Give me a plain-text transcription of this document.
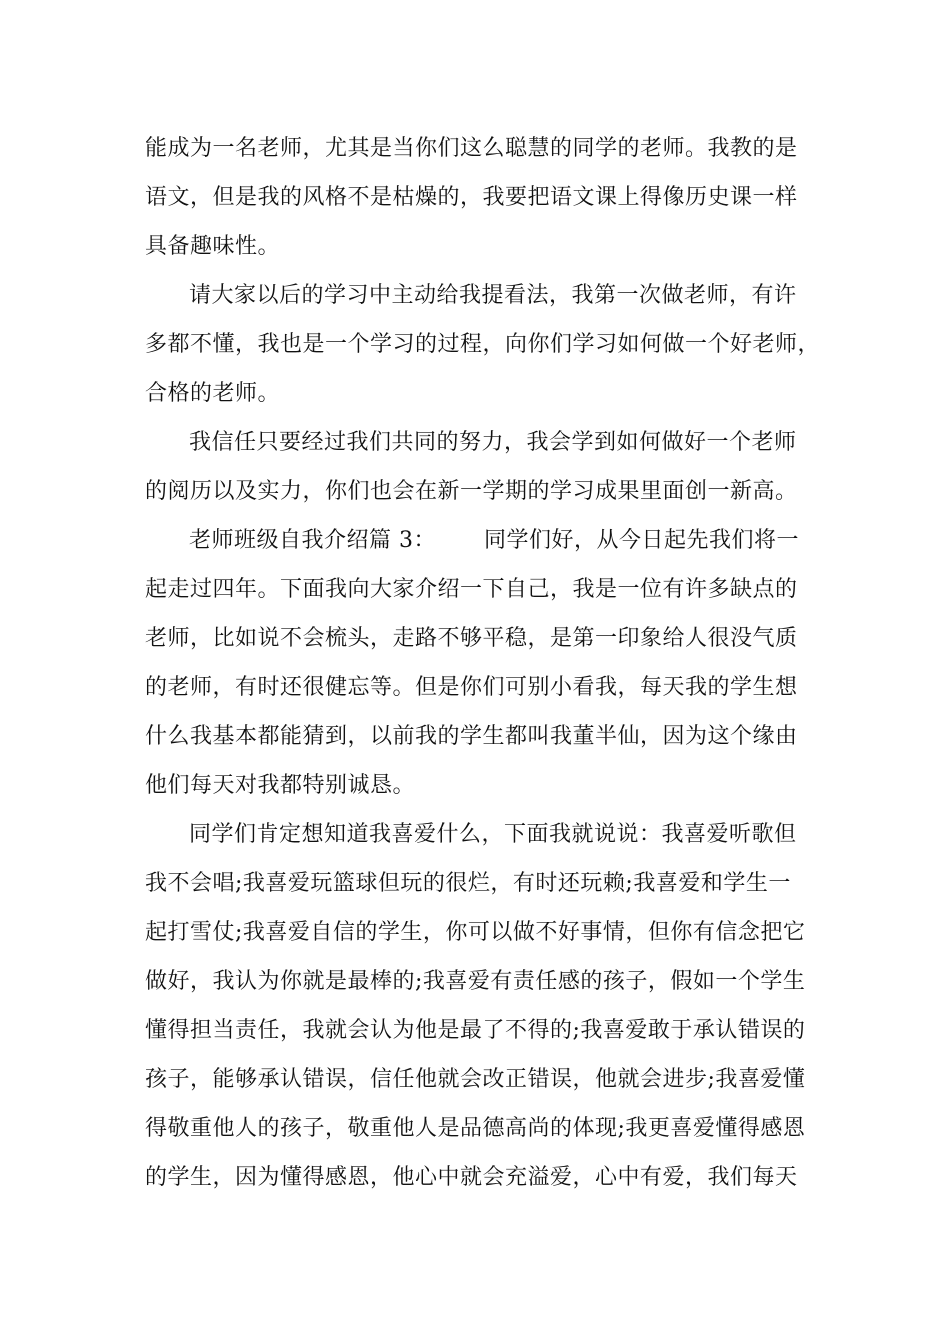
能成为一名老师，尤其是当你们这么聪慧的同学的老师。我教的是
语文，但是我的风格不是枯燥的，我要把语文课上得像历史课一样
具备趣味性。
请大家以后的学习中主动给我提看法，我第一次做老师，有许
多都不懂，我也是一个学习的过程，向你们学习如何做一个好老师，
合格的老师。
我信任只要经过我们共同的努力，我会学到如何做好一个老师
的阅历以及实力，你们也会在新一学期的学习成果里面创一新高。
老师班级自我介绍篇 3： 同学们好，从今日起先我们将一
起走过四年。下面我向大家介绍一下自己，我是一位有许多缺点的
老师，比如说不会梳头，走路不够平稳，是第一印象给人很没气质
的老师，有时还很健忘等。但是你们可别小看我，每天我的学生想
什么我基本都能猜到，以前我的学生都叫我董半仙，因为这个缘由
他们每天对我都特别诚恳。
同学们肯定想知道我喜爱什么，下面我就说说：我喜爱听歌但
我不会唱;我喜爱玩篮球但玩的很烂，有时还玩赖;我喜爱和学生一
起打雪仗;我喜爱自信的学生，你可以做不好事情，但你有信念把它
做好，我认为你就是最棒的;我喜爱有责任感的孩子，假如一个学生
懂得担当责任，我就会认为他是最了不得的;我喜爱敢于承认错误的
孩子，能够承认错误，信任他就会改正错误，他就会进步;我喜爱懂
得敬重他人的孩子，敬重他人是品德高尚的体现;我更喜爱懂得感恩
的学生，因为懂得感恩，他心中就会充溢爱，心中有爱，我们每天
